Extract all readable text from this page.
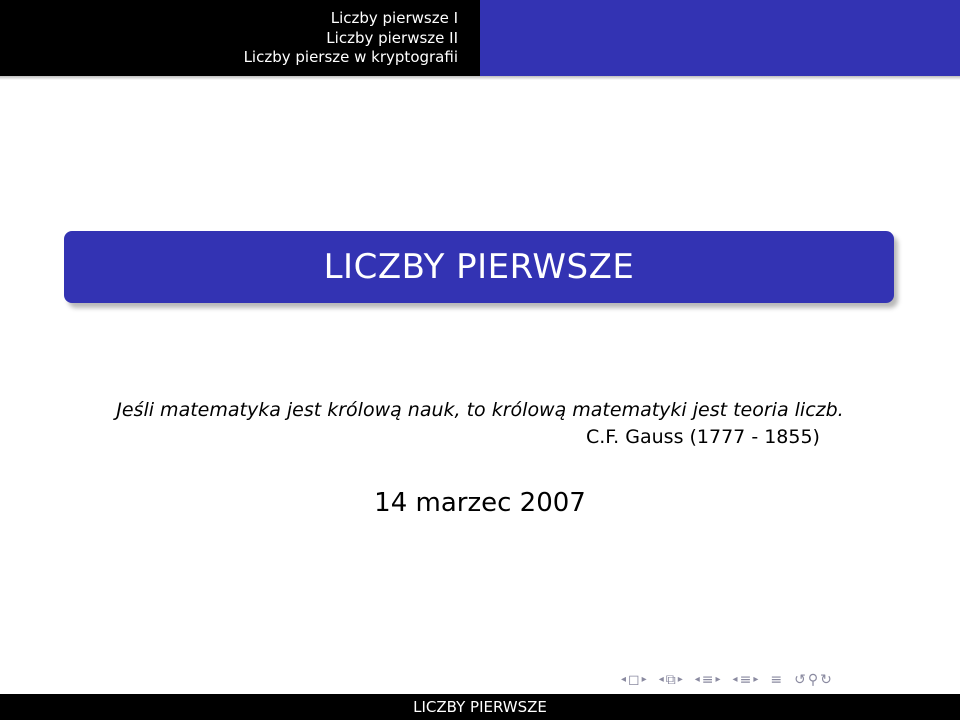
Liczby pierwsze I
Liczby pierwsze II
Liczby piersze w kryptografii
LICZBY PIERWSZE
Jeśli matematyka jest królową nauk, to królową matematyki jest teoria liczb.
C.F. Gauss (1777 - 1855)
14 marzec 2007
◂ ◻ ▸ ◂ ⧉ ▸ ◂ ≡ ▸ ◂ ≡ ▸ ≡ ↺ ⚲ ↻
LICZBY PIERWSZE
